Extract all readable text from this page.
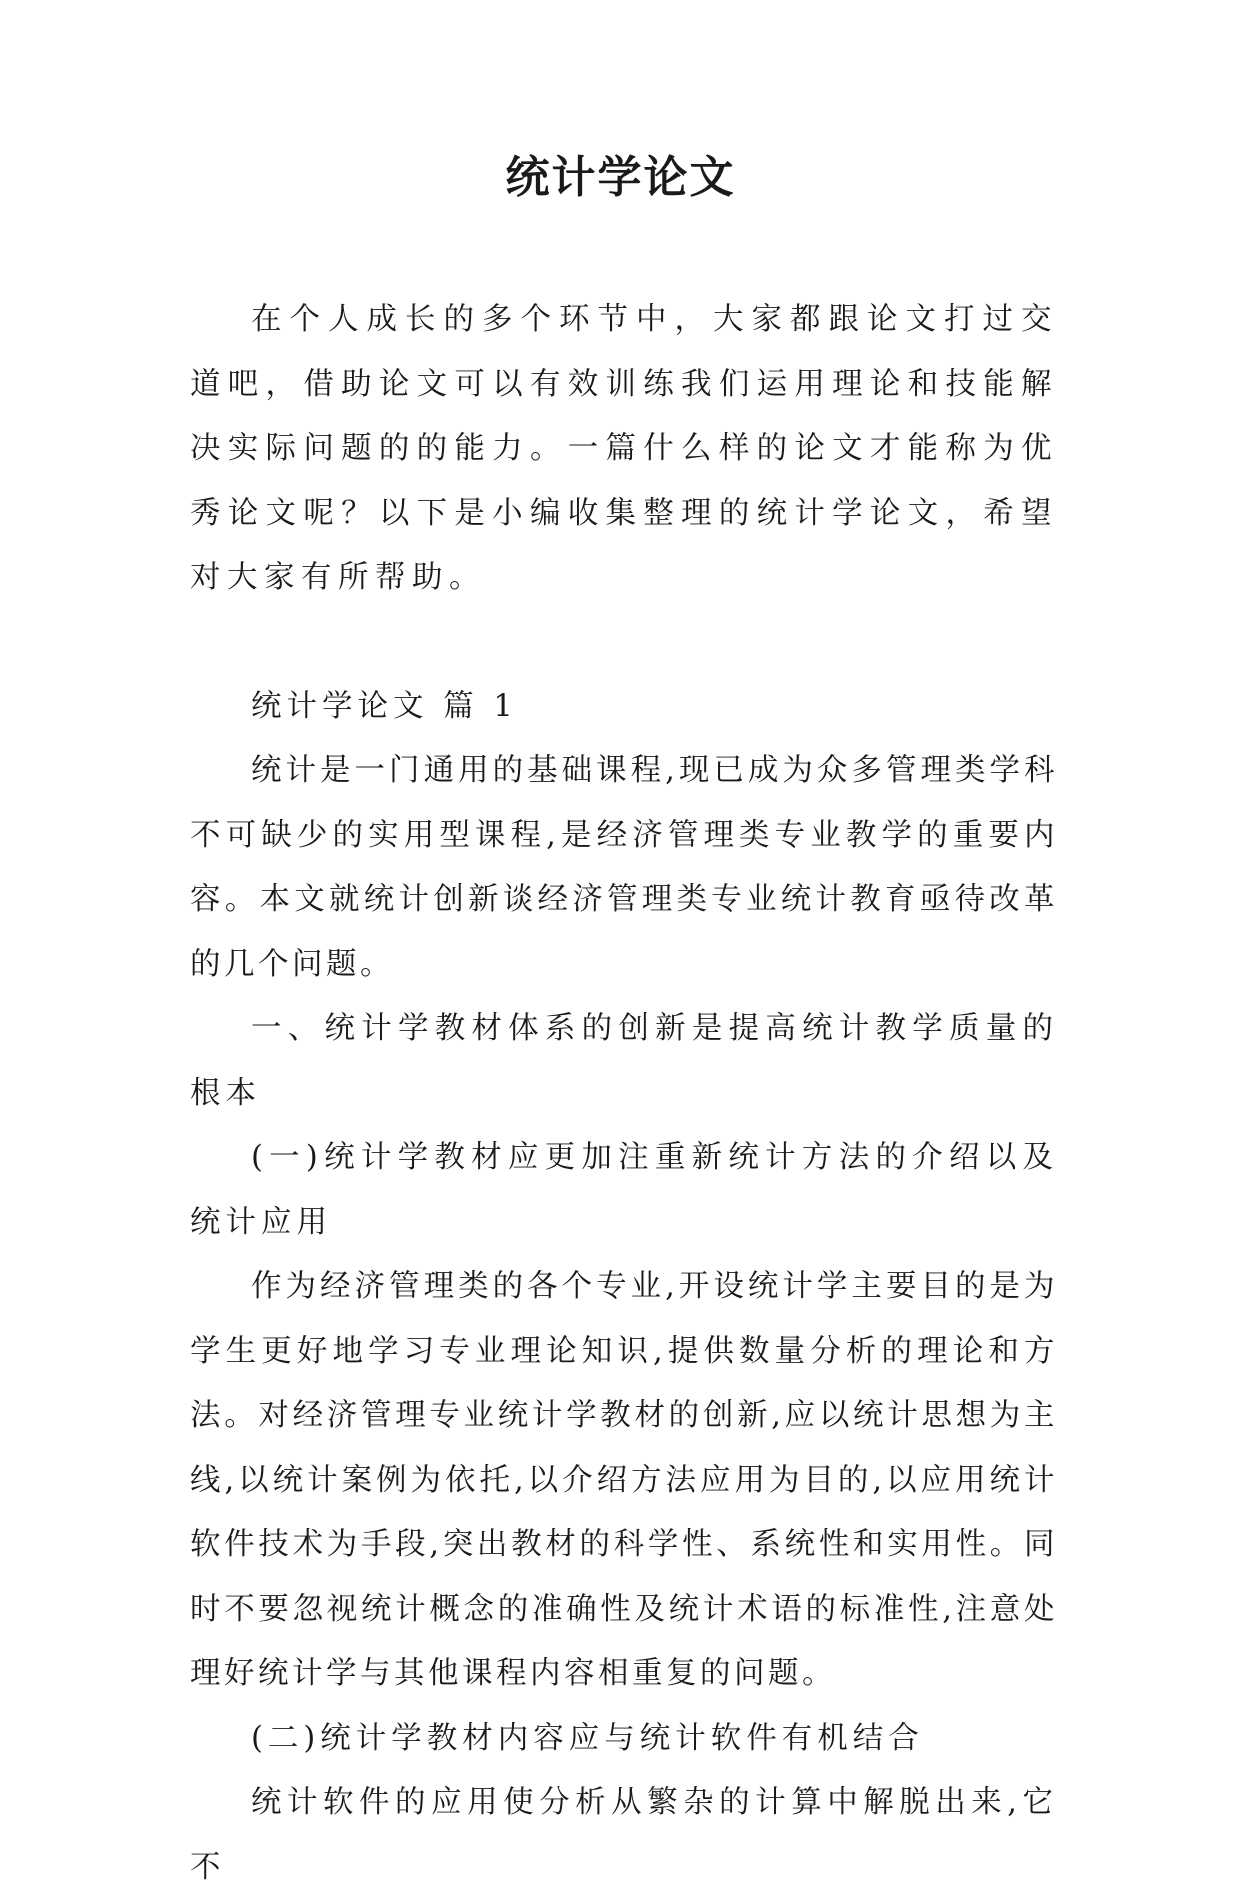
统计学论文

在个人成长的多个环节中，大家都跟论文打过交道吧，借助论文可以有效训练我们运用理论和技能解决实际问题的的能力。一篇什么样的论文才能称为优秀论文呢？以下是小编收集整理的统计学论文，希望对大家有所帮助。

统计学论文 篇 1

统计是一门通用的基础课程,现已成为众多管理类学科不可缺少的实用型课程,是经济管理类专业教学的重要内容。本文就统计创新谈经济管理类专业统计教育亟待改革的几个问题。

一、统计学教材体系的创新是提高统计教学质量的根本

(一)统计学教材应更加注重新统计方法的介绍以及统计应用

作为经济管理类的各个专业,开设统计学主要目的是为学生更好地学习专业理论知识,提供数量分析的理论和方法。对经济管理专业统计学教材的创新,应以统计思想为主线,以统计案例为依托,以介绍方法应用为目的,以应用统计软件技术为手段,突出教材的科学性、系统性和实用性。同时不要忽视统计概念的准确性及统计术语的标准性,注意处理好统计学与其他课程内容相重复的问题。

(二)统计学教材内容应与统计软件有机结合

统计软件的应用使分析从繁杂的计算中解脱出来,它不
